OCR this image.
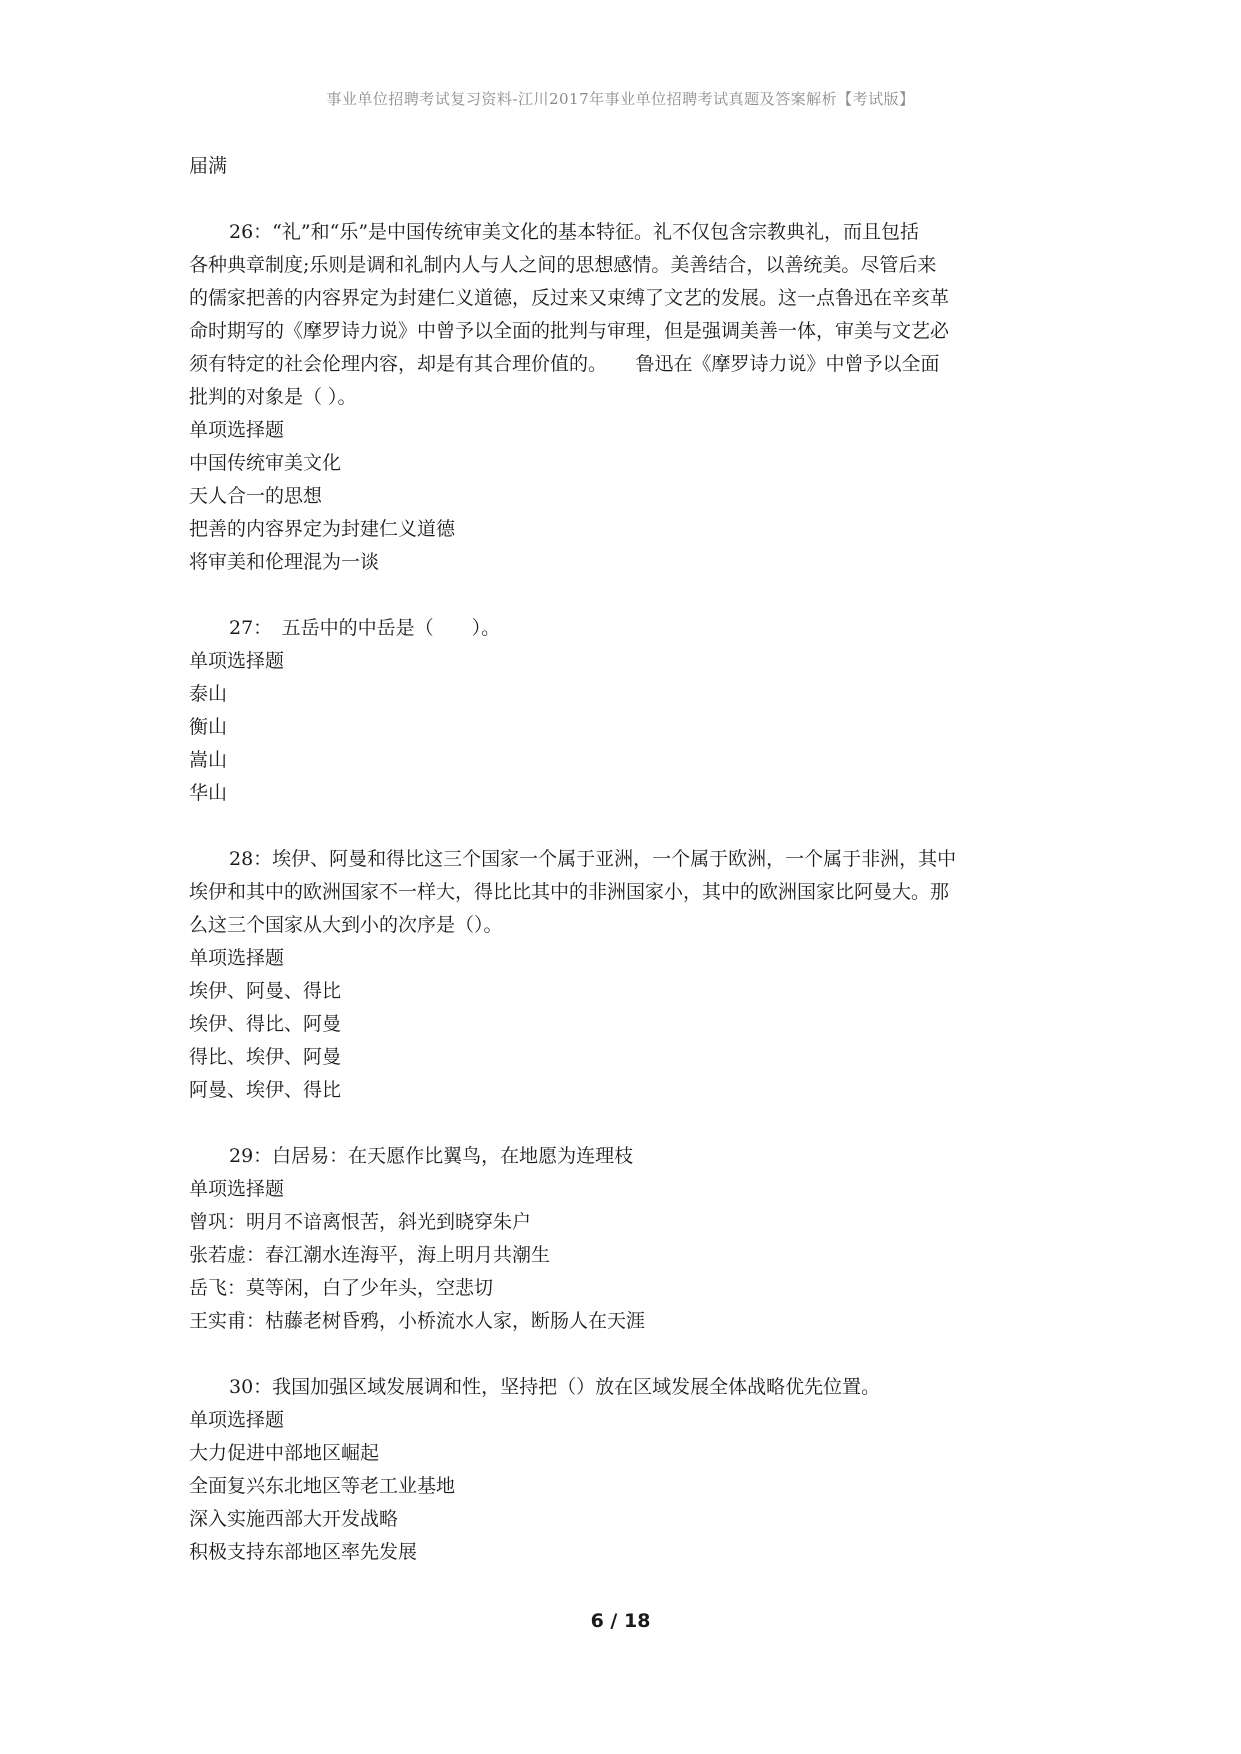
事业单位招聘考试复习资料-江川2017年事业单位招聘考试真题及答案解析【考试版】
届满
26：“礼”和“乐”是中国传统审美文化的基本特征。礼不仅包含宗教典礼，而且包括
各种典章制度;乐则是调和礼制内人与人之间的思想感情。美善结合，以善统美。尽管后来
的儒家把善的内容界定为封建仁义道德，反过来又束缚了文艺的发展。这一点鲁迅在辛亥革
命时期写的《摩罗诗力说》中曾予以全面的批判与审理，但是强调美善一体，审美与文艺必
须有特定的社会伦理内容，却是有其合理价值的。　　鲁迅在《摩罗诗力说》中曾予以全面
批判的对象是（ ）。
单项选择题
中国传统审美文化
天人合一的思想
把善的内容界定为封建仁义道德
将审美和伦理混为一谈
27：　五岳中的中岳是（　　）。
单项选择题
泰山
衡山
嵩山
华山
28：埃伊、阿曼和得比这三个国家一个属于亚洲，一个属于欧洲，一个属于非洲，其中
埃伊和其中的欧洲国家不一样大，得比比其中的非洲国家小，其中的欧洲国家比阿曼大。那
么这三个国家从大到小的次序是（）。
单项选择题
埃伊、阿曼、得比
埃伊、得比、阿曼
得比、埃伊、阿曼
阿曼、埃伊、得比
29：白居易：在天愿作比翼鸟，在地愿为连理枝
单项选择题
曾巩：明月不谙离恨苦，斜光到晓穿朱户
张若虚：春江潮水连海平，海上明月共潮生
岳飞：莫等闲，白了少年头，空悲切
王实甫：枯藤老树昏鸦，小桥流水人家，断肠人在天涯
30：我国加强区域发展调和性，坚持把（）放在区域发展全体战略优先位置。
单项选择题
大力促进中部地区崛起
全面复兴东北地区等老工业基地
深入实施西部大开发战略
积极支持东部地区率先发展
6 / 18
